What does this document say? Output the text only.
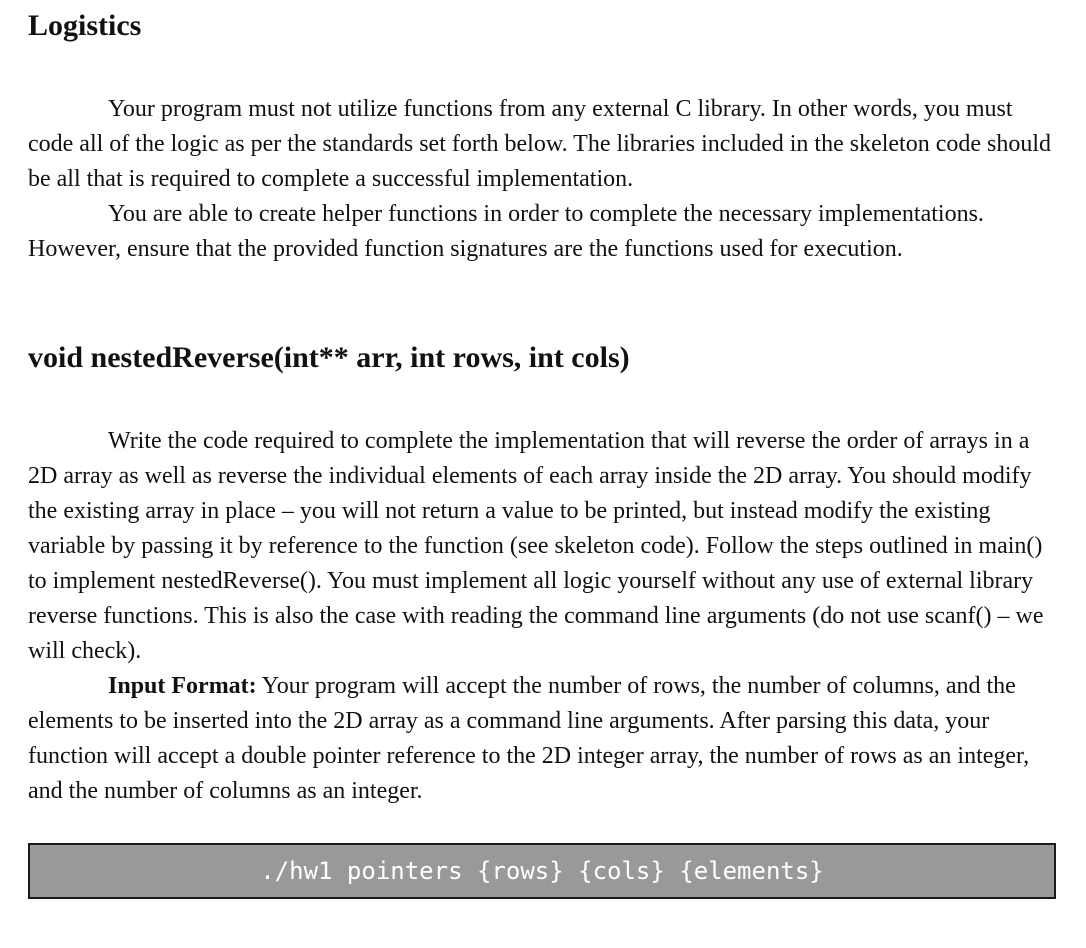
Logistics

Your program must not utilize functions from any external C library. In other words, you must code all of the logic as per the standards set forth below. The libraries included in the skeleton code should be all that is required to complete a successful implementation.

You are able to create helper functions in order to complete the necessary implementations. However, ensure that the provided function signatures are the functions used for execution.

void nestedReverse(int** arr, int rows, int cols)

Write the code required to complete the implementation that will reverse the order of arrays in a 2D array as well as reverse the individual elements of each array inside the 2D array. You should modify the existing array in place – you will not return a value to be printed, but instead modify the existing variable by passing it by reference to the function (see skeleton code). Follow the steps outlined in main() to implement nestedReverse(). You must implement all logic yourself without any use of external library reverse functions. This is also the case with reading the command line arguments (do not use scanf() – we will check).

Input Format: Your program will accept the number of rows, the number of columns, and the elements to be inserted into the 2D array as a command line arguments. After parsing this data, your function will accept a double pointer reference to the 2D integer array, the number of rows as an integer, and the number of columns as an integer.

./hw1 pointers {rows} {cols} {elements}
